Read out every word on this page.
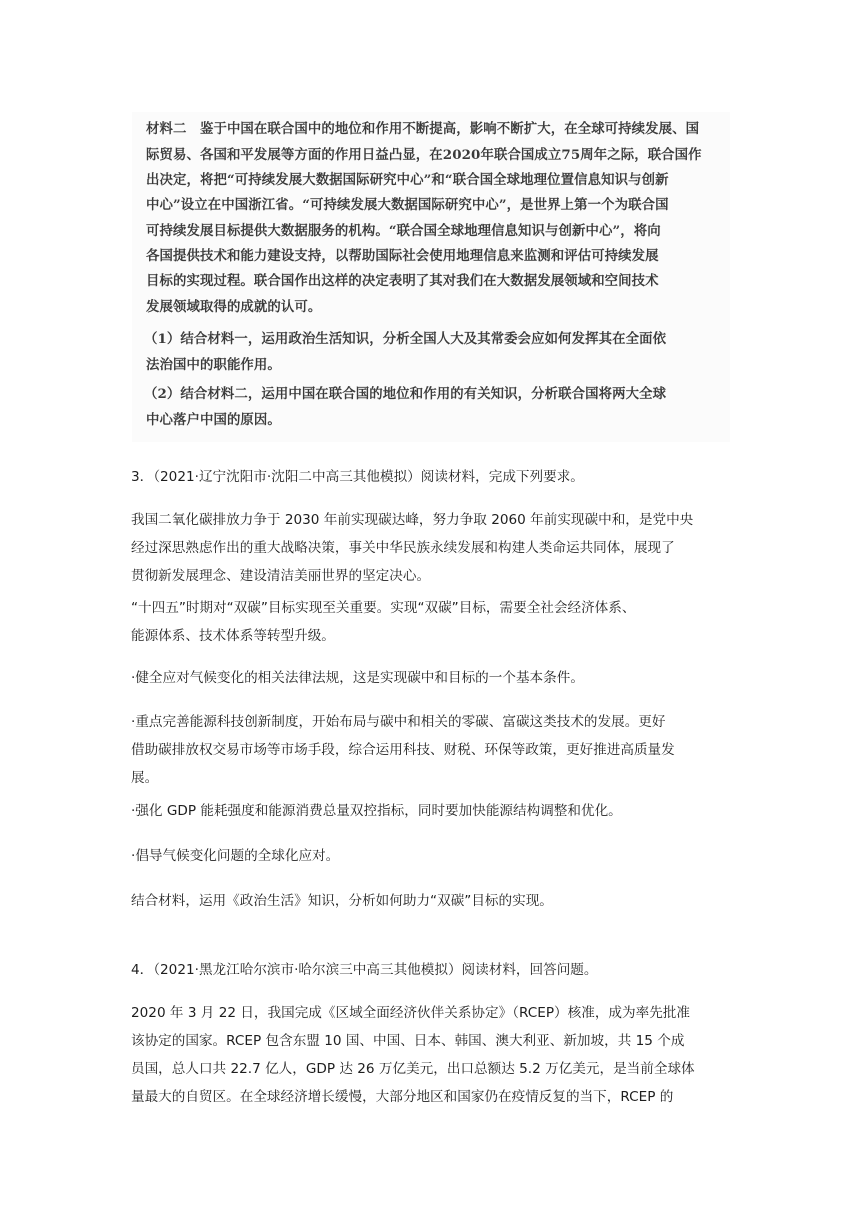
材料二　鉴于中国在联合国中的地位和作用不断提高，影响不断扩大，在全球可持续发展、国
际贸易、各国和平发展等方面的作用日益凸显，在2020年联合国成立75周年之际，联合国作
出决定，将把“可持续发展大数据国际研究中心”和“联合国全球地理位置信息知识与创新
中心”设立在中国浙江省。“可持续发展大数据国际研究中心”，是世界上第一个为联合国
可持续发展目标提供大数据服务的机构。“联合国全球地理信息知识与创新中心”，将向
各国提供技术和能力建设支持，以帮助国际社会使用地理信息来监测和评估可持续发展
目标的实现过程。联合国作出这样的决定表明了其对我们在大数据发展领域和空间技术
发展领域取得的成就的认可。
（1）结合材料一，运用政治生活知识，分析全国人大及其常委会应如何发挥其在全面依
法治国中的职能作用。
（2）结合材料二，运用中国在联合国的地位和作用的有关知识，分析联合国将两大全球
中心落户中国的原因。
3．（2021·辽宁沈阳市·沈阳二中高三其他模拟）阅读材料，完成下列要求。
我国二氧化碳排放力争于 2030 年前实现碳达峰，努力争取 2060 年前实现碳中和，是党中央
经过深思熟虑作出的重大战略决策，事关中华民族永续发展和构建人类命运共同体，展现了
贯彻新发展理念、建设清洁美丽世界的坚定决心。
“十四五”时期对“双碳”目标实现至关重要。实现“双碳”目标，需要全社会经济体系、
能源体系、技术体系等转型升级。
·健全应对气候变化的相关法律法规，这是实现碳中和目标的一个基本条件。
·重点完善能源科技创新制度，开始布局与碳中和相关的零碳、富碳这类技术的发展。更好
借助碳排放权交易市场等市场手段，综合运用科技、财税、环保等政策，更好推进高质量发
展。
·强化 GDP 能耗强度和能源消费总量双控指标，同时要加快能源结构调整和优化。
·倡导气候变化问题的全球化应对。
结合材料，运用《政治生活》知识，分析如何助力“双碳”目标的实现。
4．（2021·黑龙江哈尔滨市·哈尔滨三中高三其他模拟）阅读材料，回答问题。
2020 年 3 月 22 日，我国完成《区域全面经济伙伴关系协定》（RCEP）核准，成为率先批准
该协定的国家。RCEP 包含东盟 10 国、中国、日本、韩国、澳大利亚、新加坡，共 15 个成
员国，总人口共 22.7 亿人，GDP 达 26 万亿美元，出口总额达 5.2 万亿美元，是当前全球体
量最大的自贸区。在全球经济增长缓慢，大部分地区和国家仍在疫情反复的当下，RCEP 的
